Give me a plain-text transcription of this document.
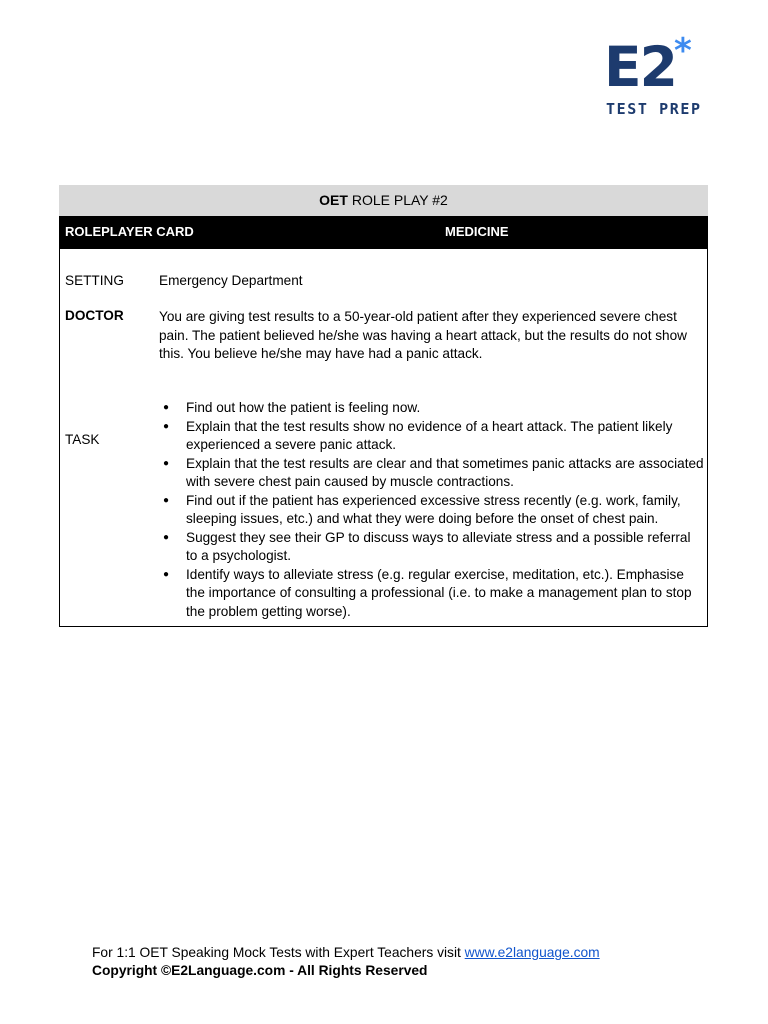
E2
*
TEST PREP
OET ROLE PLAY #2
ROLEPLAYER CARD	MEDICINE
SETTING	Emergency Department
DOCTOR	You are giving test results to a 50-year-old patient after they experienced severe chest pain. The patient believed he/she was having a heart attack, but the results do not show this. You believe he/she may have had a panic attack.
TASK
● Find out how the patient is feeling now.
● Explain that the test results show no evidence of a heart attack. The patient likely experienced a severe panic attack.
● Explain that the test results are clear and that sometimes panic attacks are associated with severe chest pain caused by muscle contractions.
● Find out if the patient has experienced excessive stress recently (e.g. work, family, sleeping issues, etc.) and what they were doing before the onset of chest pain.
● Suggest they see their GP to discuss ways to alleviate stress and a possible referral to a psychologist.
● Identify ways to alleviate stress (e.g. regular exercise, meditation, etc.). Emphasise the importance of consulting a professional (i.e. to make a management plan to stop the problem getting worse).
For 1:1 OET Speaking Mock Tests with Expert Teachers visit www.e2language.com
Copyright ©E2Language.com - All Rights Reserved
